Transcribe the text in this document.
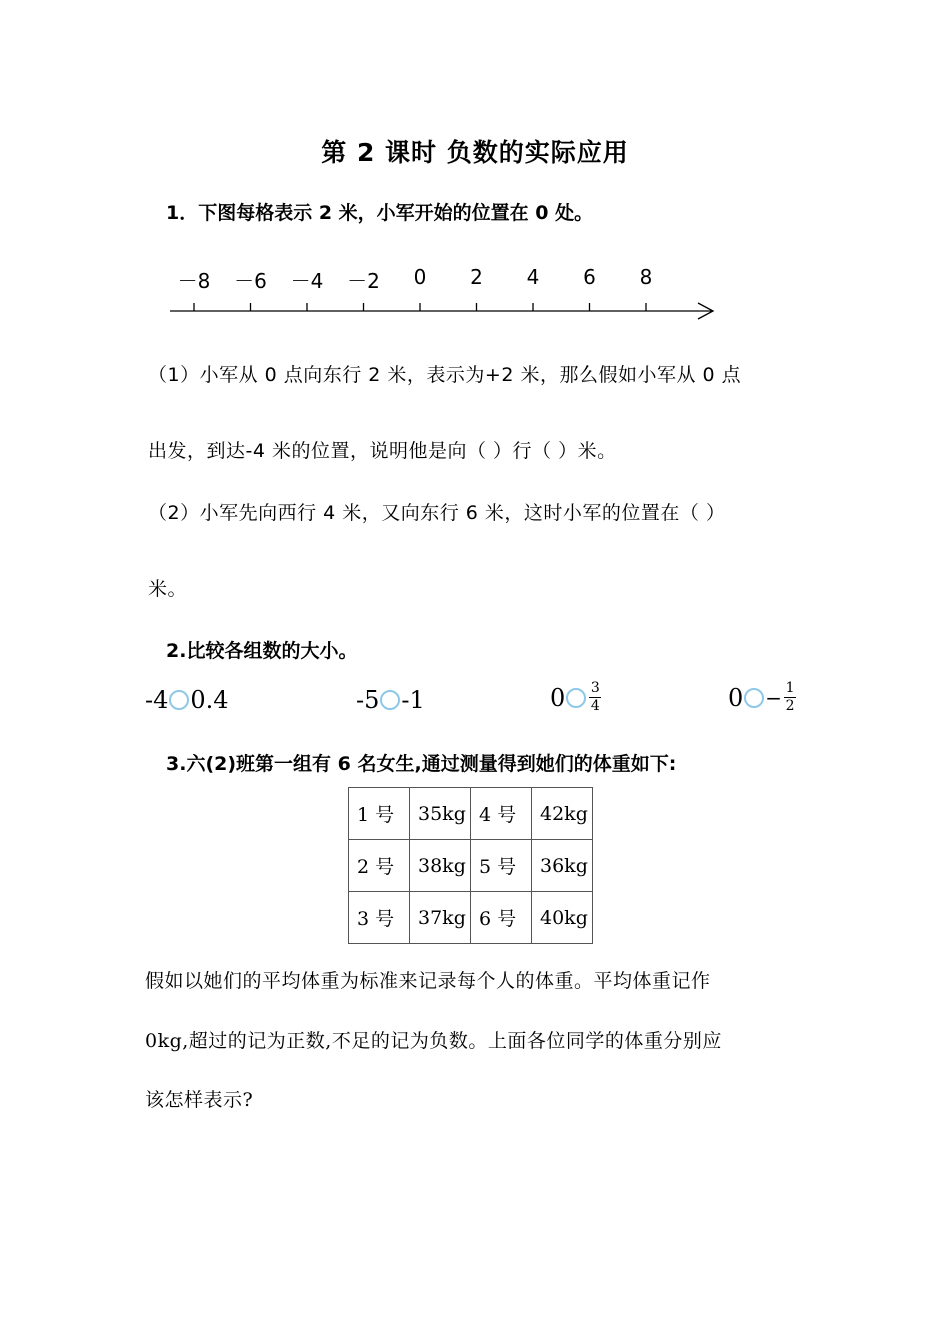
第 2 课时 负数的实际应用
1．下图每格表示 2 米，小军开始的位置在 0 处。
－8	－6	－4	－2	0	2	4	6	8
（1）小军从 0 点向东行 2 米，表示为+2 米，那么假如小军从 0 点
出发，到达-4 米的位置，说明他是向（ ）行（ ）米。
（2）小军先向西行 4 米，又向东行 6 米，这时小军的位置在（ ）
米。
2.比较各组数的大小。
-4 0.4	-5 -1	$0 \frac{3}{4}$	$0 - \frac{1}{2}$
3.六(2)班第一组有 6 名女生,通过测量得到她们的体重如下:
1 号	35kg	4 号	42kg
2 号	38kg	5 号	36kg
3 号	37kg	6 号	40kg
假如以她们的平均体重为标准来记录每个人的体重。平均体重记作
0kg,超过的记为正数,不足的记为负数。上面各位同学的体重分别应
该怎样表示?
